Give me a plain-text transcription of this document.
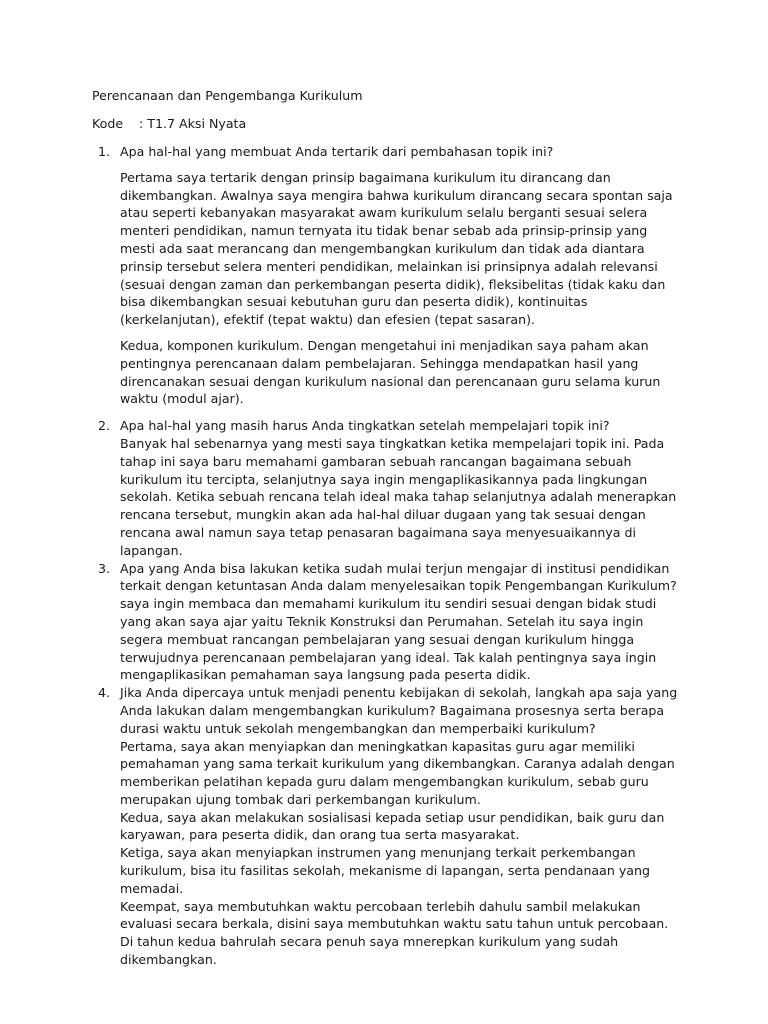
Perencanaan dan Pengembanga Kurikulum
Kode : T1.7 Aksi Nyata
1. Apa hal-hal yang membuat Anda tertarik dari pembahasan topik ini?

Pertama saya tertarik dengan prinsip bagaimana kurikulum itu dirancang dan dikembangkan. Awalnya saya mengira bahwa kurikulum dirancang secara spontan saja atau seperti kebanyakan masyarakat awam kurikulum selalu berganti sesuai selera menteri pendidikan, namun ternyata itu tidak benar sebab ada prinsip-prinsip yang mesti ada saat merancang dan mengembangkan kurikulum dan tidak ada diantara prinsip tersebut selera menteri pendidikan, melainkan isi prinsipnya adalah relevansi (sesuai dengan zaman dan perkembangan peserta didik), fleksibelitas (tidak kaku dan bisa dikembangkan sesuai kebutuhan guru dan peserta didik), kontinuitas (kerkelanjutan), efektif (tepat waktu) dan efesien (tepat sasaran).

Kedua, komponen kurikulum. Dengan mengetahui ini menjadikan saya paham akan pentingnya perencanaan dalam pembelajaran. Sehingga mendapatkan hasil yang direncanakan sesuai dengan kurikulum nasional dan perencanaan guru selama kurun waktu (modul ajar).

2. Apa hal-hal yang masih harus Anda tingkatkan setelah mempelajari topik ini?

Banyak hal sebenarnya yang mesti saya tingkatkan ketika mempelajari topik ini. Pada tahap ini saya baru memahami gambaran sebuah rancangan bagaimana sebuah kurikulum itu tercipta, selanjutnya saya ingin mengaplikasikannya pada lingkungan sekolah. Ketika sebuah rencana telah ideal maka tahap selanjutnya adalah menerapkan rencana tersebut, mungkin akan ada hal-hal diluar dugaan yang tak sesuai dengan rencana awal namun saya tetap penasaran bagaimana saya menyesuaikannya di lapangan.

3. Apa yang Anda bisa lakukan ketika sudah mulai terjun mengajar di institusi pendidikan terkait dengan ketuntasan Anda dalam menyelesaikan topik Pengembangan Kurikulum?

saya ingin membaca dan memahami kurikulum itu sendiri sesuai dengan bidak studi yang akan saya ajar yaitu Teknik Konstruksi dan Perumahan. Setelah itu saya ingin segera membuat rancangan pembelajaran yang sesuai dengan kurikulum hingga terwujudnya perencanaan pembelajaran yang ideal. Tak kalah pentingnya saya ingin mengaplikasikan pemahaman saya langsung pada peserta didik.

4. Jika Anda dipercaya untuk menjadi penentu kebijakan di sekolah, langkah apa saja yang Anda lakukan dalam mengembangkan kurikulum? Bagaimana prosesnya serta berapa durasi waktu untuk sekolah mengembangkan dan memperbaiki kurikulum?

Pertama, saya akan menyiapkan dan meningkatkan kapasitas guru agar memiliki pemahaman yang sama terkait kurikulum yang dikembangkan. Caranya adalah dengan memberikan pelatihan kepada guru dalam mengembangkan kurikulum, sebab guru merupakan ujung tombak dari perkembangan kurikulum.

Kedua, saya akan melakukan sosialisasi kepada setiap usur pendidikan, baik guru dan karyawan, para peserta didik, dan orang tua serta masyarakat.

Ketiga, saya akan menyiapkan instrumen yang menunjang terkait perkembangan kurikulum, bisa itu fasilitas sekolah, mekanisme di lapangan, serta pendanaan yang memadai.

Keempat, saya membutuhkan waktu percobaan terlebih dahulu sambil melakukan evaluasi secara berkala, disini saya membutuhkan waktu satu tahun untuk percobaan. Di tahun kedua bahrulah secara penuh saya mnerepkan kurikulum yang sudah dikembangkan.
